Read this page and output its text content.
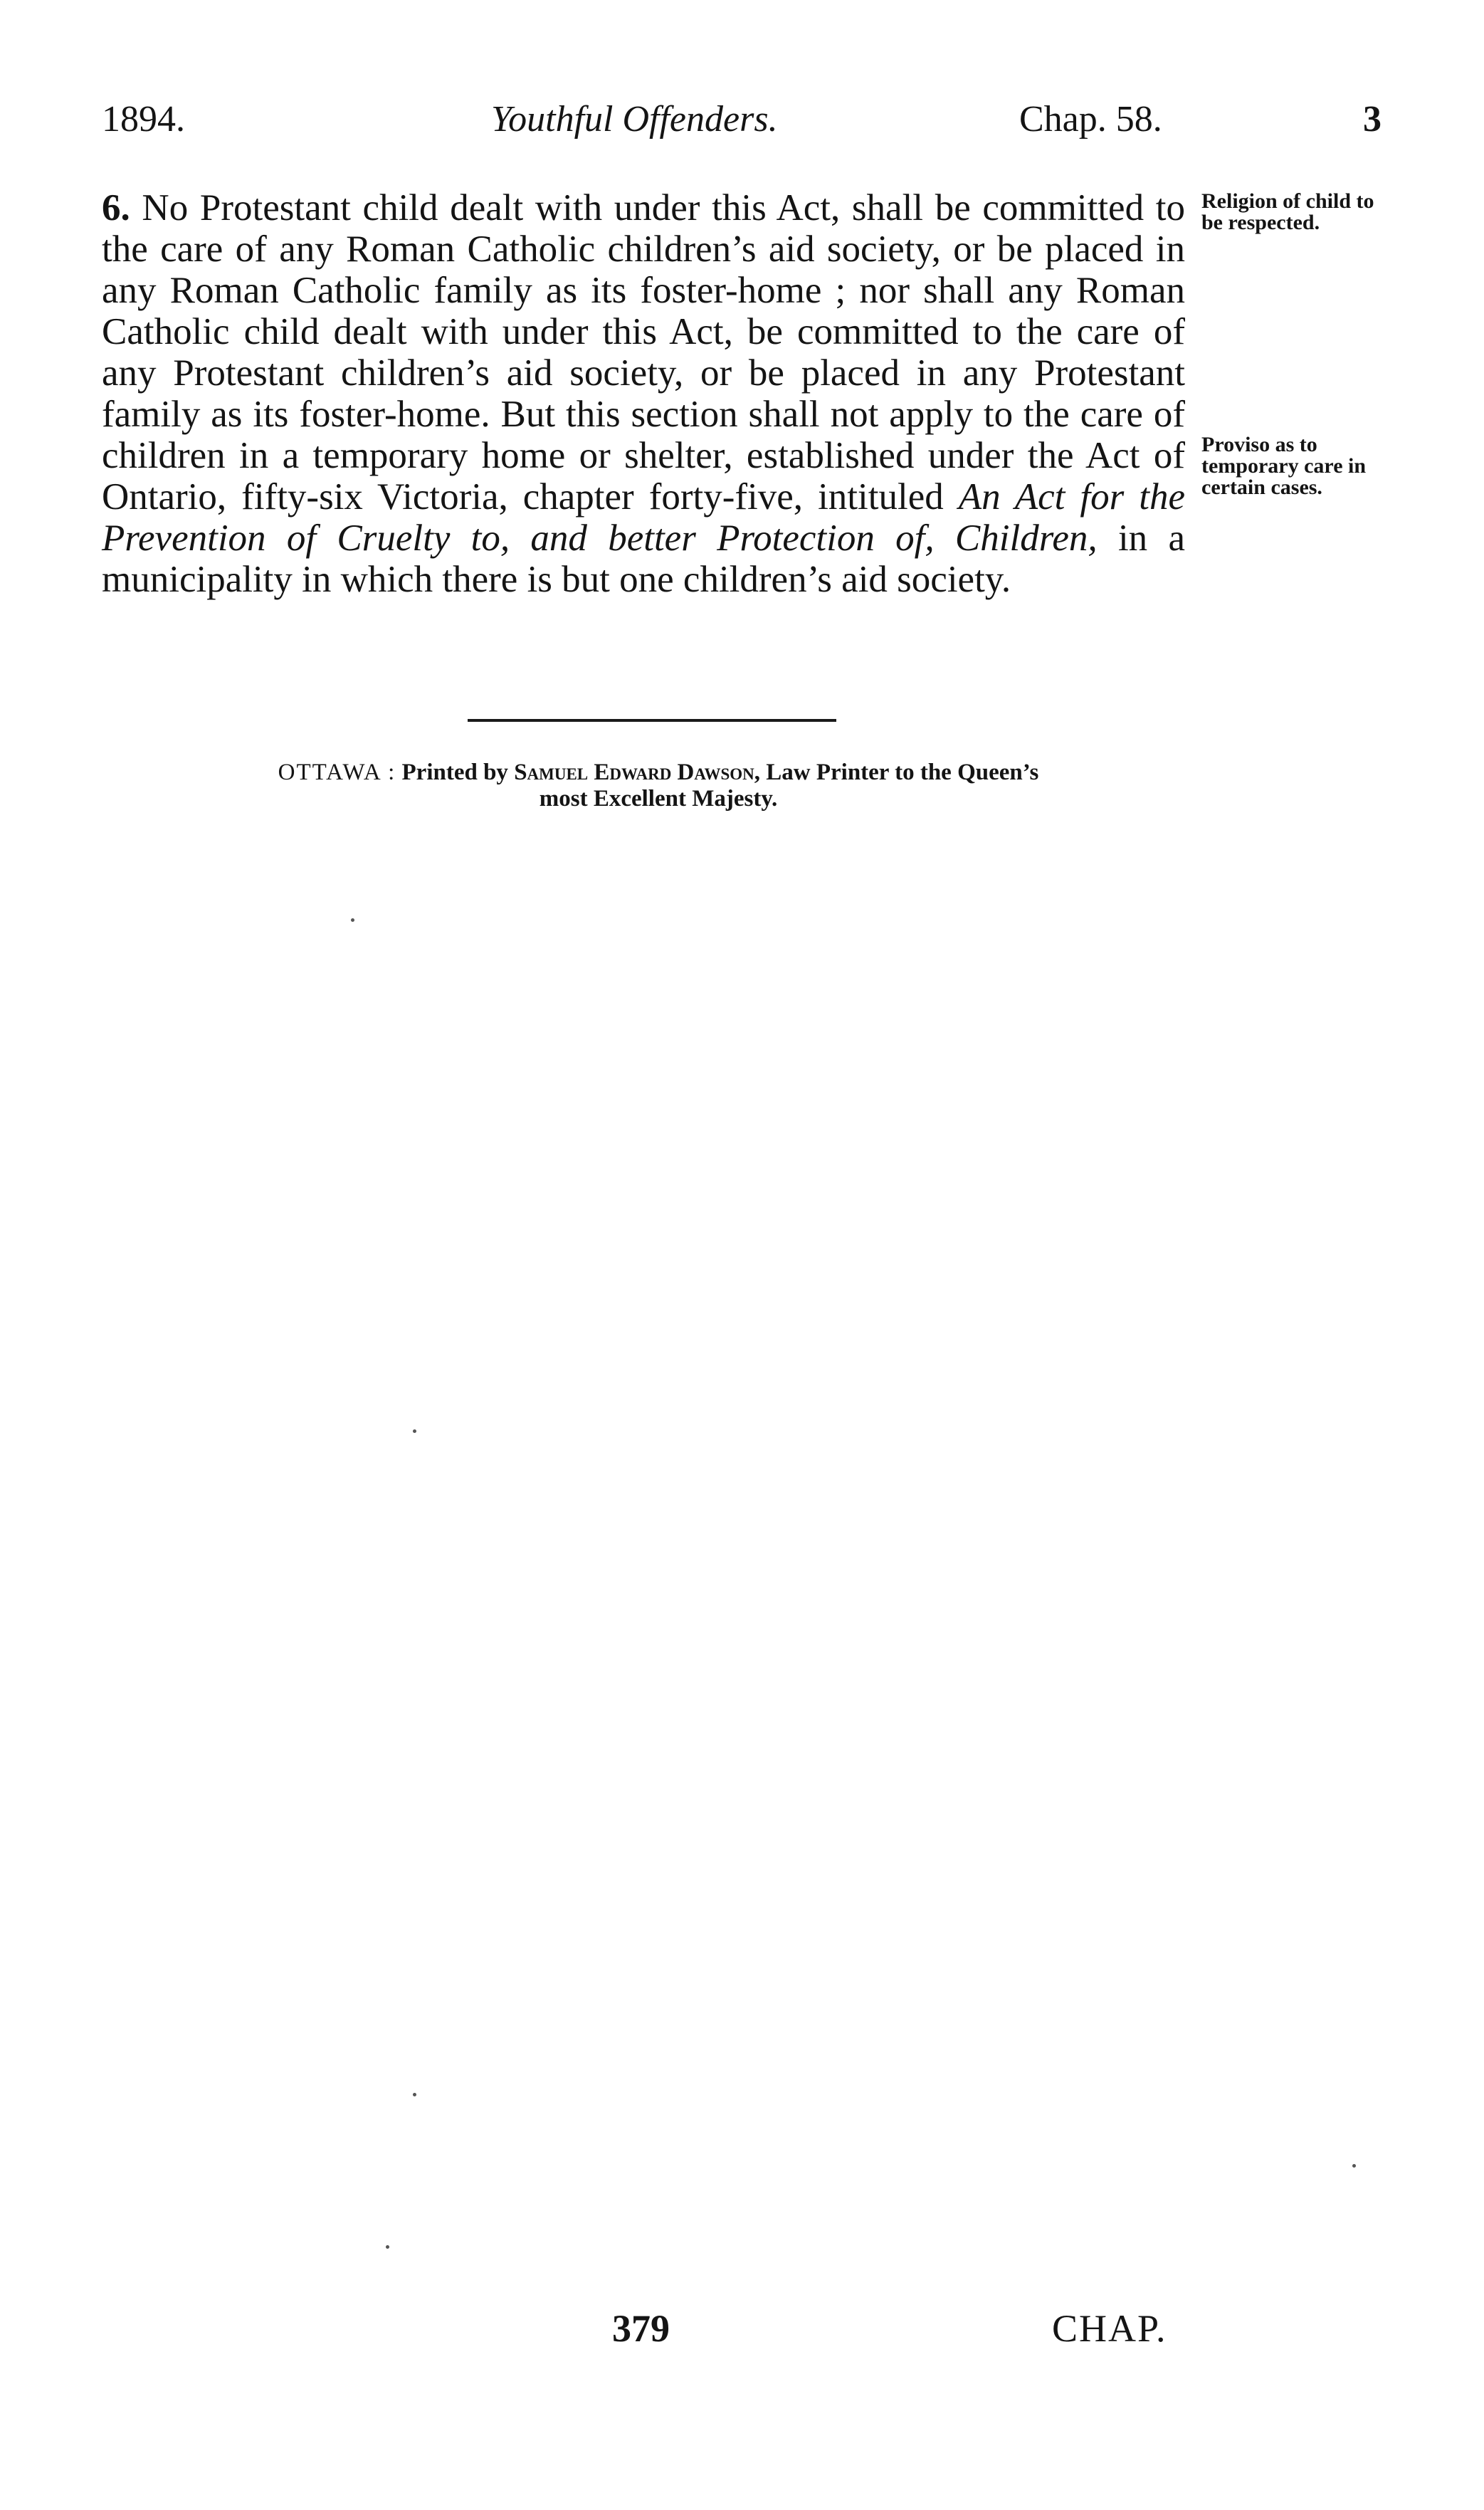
1894.	Youthful Offenders.	Chap. 58.	3
6. No Protestant child dealt with under this Act, shall be committed to the care of any Roman Catholic children’s aid society, or be placed in any Roman Catholic family as its foster-home ; nor shall any Roman Catholic child dealt with under this Act, be committed to the care of any Protestant children’s aid society, or be placed in any Protestant family as its foster-home. But this section shall not apply to the care of children in a temporary home or shelter, established under the Act of Ontario, fifty-six Victoria, chapter forty-five, intituled An Act for the Prevention of Cruelty to, and better Protection of, Children, in a municipality in which there is but one children’s aid society.
Religion of child to be respected.
Proviso as to temporary care in certain cases.
OTTAWA : Printed by Samuel Edward Dawson, Law Printer to the Queen’s
most Excellent Majesty.
379	CHAP.
